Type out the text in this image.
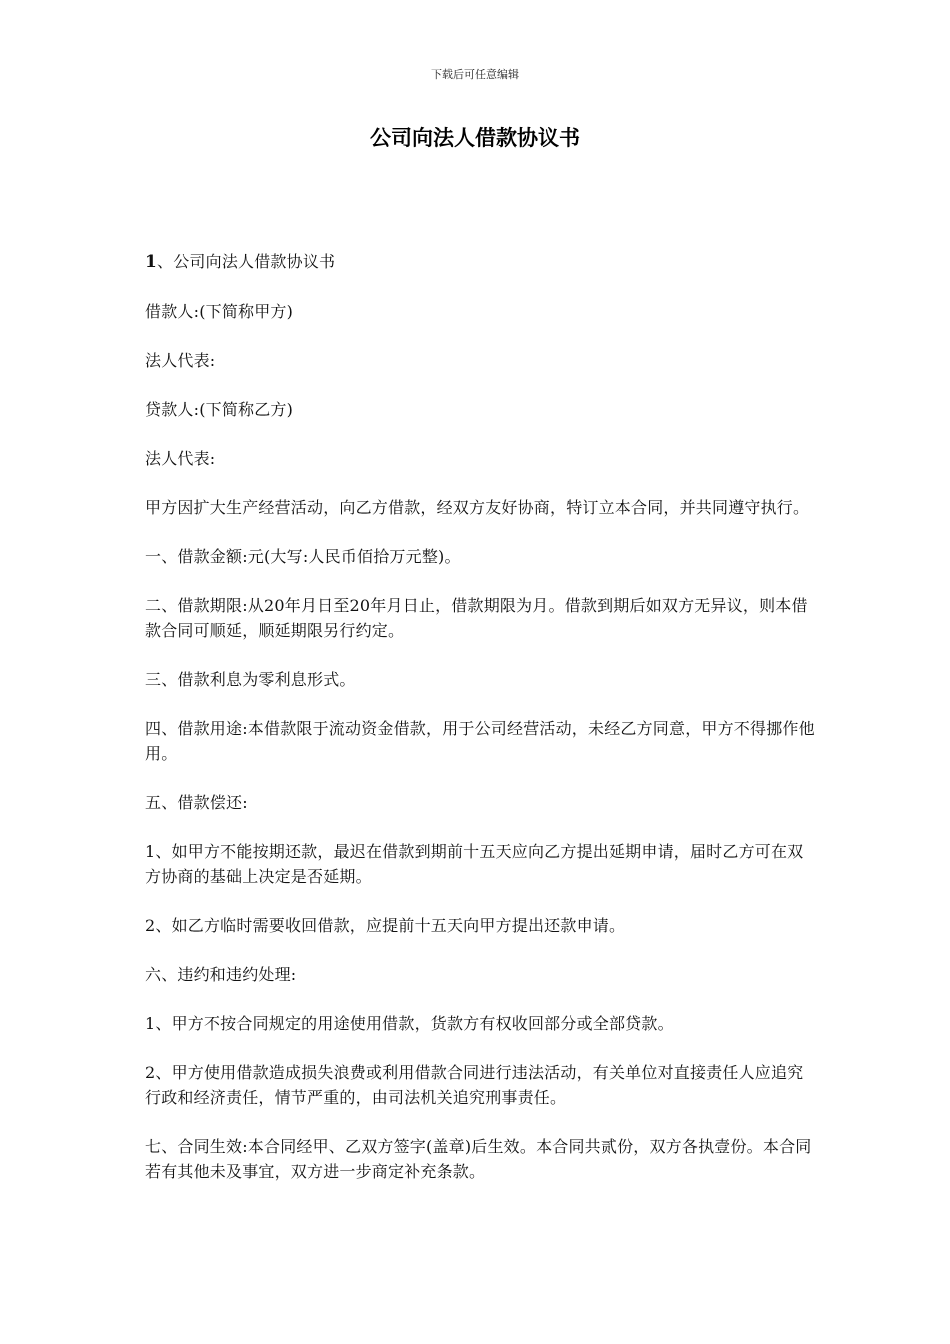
下载后可任意编辑
公司向法人借款协议书

1、公司向法人借款协议书

借款人:(下简称甲方)

法人代表:

贷款人:(下简称乙方)

法人代表:

甲方因扩大生产经营活动，向乙方借款，经双方友好协商，特订立本合同，并共同遵守执行。

一、借款金额:元(大写:人民币佰拾万元整)。

二、借款期限:从20年月日至20年月日止，借款期限为月。借款到期后如双方无异议，则本借款合同可顺延，顺延期限另行约定。

三、借款利息为零利息形式。

四、借款用途:本借款限于流动资金借款，用于公司经营活动，未经乙方同意，甲方不得挪作他用。

五、借款偿还:

1、如甲方不能按期还款，最迟在借款到期前十五天应向乙方提出延期申请，届时乙方可在双方协商的基础上决定是否延期。

2、如乙方临时需要收回借款，应提前十五天向甲方提出还款申请。

六、违约和违约处理:

1、甲方不按合同规定的用途使用借款，货款方有权收回部分或全部贷款。

2、甲方使用借款造成损失浪费或利用借款合同进行违法活动，有关单位对直接责任人应追究行政和经济责任，情节严重的，由司法机关追究刑事责任。

七、合同生效:本合同经甲、乙双方签字(盖章)后生效。本合同共贰份，双方各执壹份。本合同若有其他未及事宜，双方进一步商定补充条款。
